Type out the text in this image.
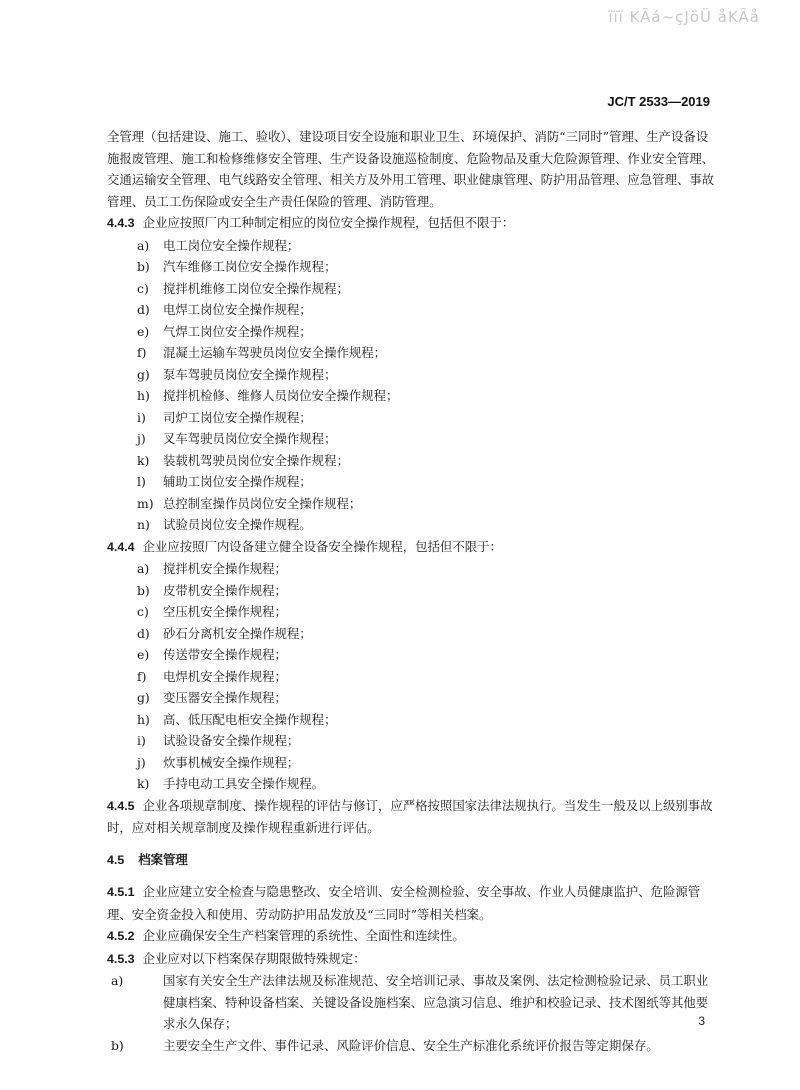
ïïï KÃá~çJöÜ åKÃå
JC/T 2533—2019

全管理（包括建设、施工、验收）、建设项目安全设施和职业卫生、环境保护、消防“三同时”管理、生产设备设施报废管理、施工和检修维修安全管理、生产设备设施巡检制度、危险物品及重大危险源管理、作业安全管理、交通运输安全管理、电气线路安全管理、相关方及外用工管理、职业健康管理、防护用品管理、应急管理、事故管理、员工工伤保险或安全生产责任保险的管理、消防管理。

4.4.3 企业应按照厂内工种制定相应的岗位安全操作规程，包括但不限于：

a) 电工岗位安全操作规程；

b) 汽车维修工岗位安全操作规程；

c) 搅拌机维修工岗位安全操作规程；

d) 电焊工岗位安全操作规程；

e) 气焊工岗位安全操作规程；

f) 混凝土运输车驾驶员岗位安全操作规程；

g) 泵车驾驶员岗位安全操作规程；

h) 搅拌机检修、维修人员岗位安全操作规程；

i) 司炉工岗位安全操作规程；

j) 叉车驾驶员岗位安全操作规程；

k) 装载机驾驶员岗位安全操作规程；

l) 辅助工岗位安全操作规程；

m) 总控制室操作员岗位安全操作规程；

n) 试验员岗位安全操作规程。

4.4.4 企业应按照厂内设备建立健全设备安全操作规程，包括但不限于：

a) 搅拌机安全操作规程；

b) 皮带机安全操作规程；

c) 空压机安全操作规程；

d) 砂石分离机安全操作规程；

e) 传送带安全操作规程；

f) 电焊机安全操作规程；

g) 变压器安全操作规程；

h) 高、低压配电柜安全操作规程；

i) 试验设备安全操作规程；

j) 炊事机械安全操作规程；

k) 手持电动工具安全操作规程。

4.4.5 企业各项规章制度、操作规程的评估与修订，应严格按照国家法律法规执行。当发生一般及以上级别事故时，应对相关规章制度及操作规程重新进行评估。

4.5 档案管理

4.5.1 企业应建立安全检查与隐患整改、安全培训、安全检测检验、安全事故、作业人员健康监护、危险源管理、安全资金投入和使用、劳动防护用品发放及“三同时”等相关档案。

4.5.2 企业应确保安全生产档案管理的系统性、全面性和连续性。

4.5.3 企业应对以下档案保存期限做特殊规定：

a)	国家有关安全生产法律法规及标准规范、安全培训记录、事故及案例、法定检测检验记录、员工职业健康档案、特种设备档案、关键设备设施档案、应急演习信息、维护和校验记录、技术图纸等其他要求永久保存；

b)	主要安全生产文件、事件记录、风险评价信息、安全生产标准化系统评价报告等定期保存。

3
